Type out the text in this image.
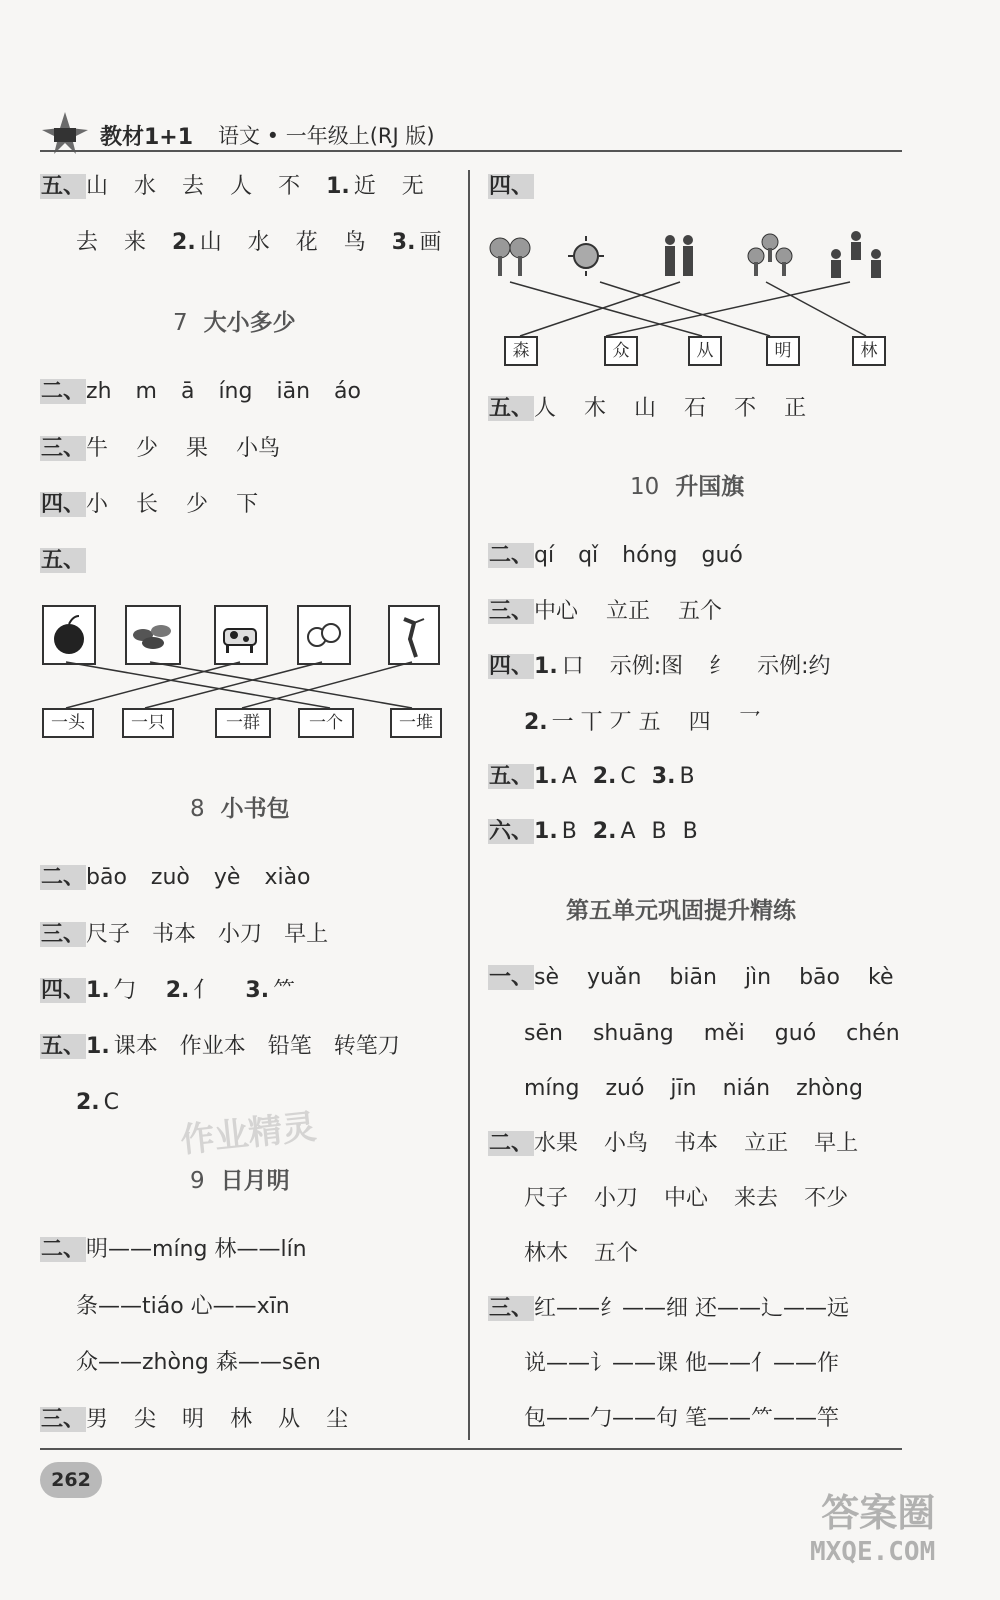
教材1+1 语文 • 一年级上(RJ 版)
五、山 水 去 人 不 1. 近 无
去 来 2. 山 水 花 鸟 3. 画
7 大小多少
二、zh m ā íng iān áo
三、牛 少 果 小鸟
四、小 长 少 下
五、
一头	一只	一群	一个	一堆
8 小书包
二、bāo zuò yè xiào
三、尺子 书本 小刀 早上
四、1. 勹 2. 亻 3. ⺮
五、1. 课本 作业本 铅笔 转笔刀
2. C
作业精灵
9 日月明
二、明——míng 林——lín
条——tiáo 心——xīn
众——zhòng 森——sēn
三、男 尖 明 林 从 尘
四、
森	众	从	明	林
五、人 木 山 石 不 正
10 升国旗
二、qí qǐ hóng guó
三、中心 立正 五个
四、1. 口 示例:图 纟 示例:约
2. 一 丅 丆 五 四 乛
五、1. A 2. C 3. B
六、1. B 2. A B B
第五单元巩固提升精练
一、sè yuǎn biān jìn bāo kè
sēn shuāng měi guó chén
míng zuó jīn nián zhòng
二、水果 小鸟 书本 立正 早上
尺子 小刀 中心 来去 不少
林木 五个
三、红——纟——细 还——辶——远
说——讠——课 他——亻——作
包——勹——句 笔——⺮——竿
262
答案圈
MXQE.COM
